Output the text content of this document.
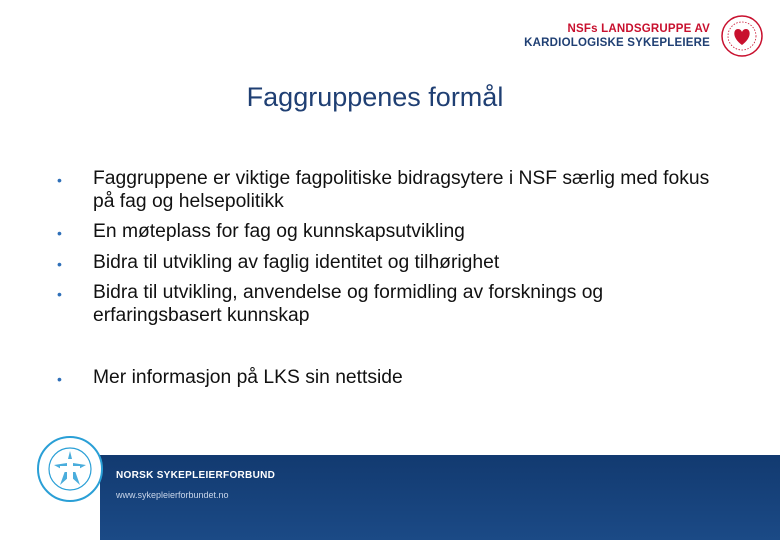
NSFs LANDSGRUPPE AV
KARDIOLOGISKE SYKEPLEIERE
Faggruppenes formål
• Faggruppene er viktige fagpolitiske bidragsytere i NSF særlig med fokus på fag og helsepolitikk
• En møteplass for fag og kunnskapsutvikling
• Bidra til utvikling av faglig identitet og tilhørighet
• Bidra til utvikling, anvendelse og formidling av forsknings og erfaringsbasert kunnskap
• Mer informasjon på LKS sin nettside
NORSK SYKEPLEIERFORBUND
www.sykepleierforbundet.no
